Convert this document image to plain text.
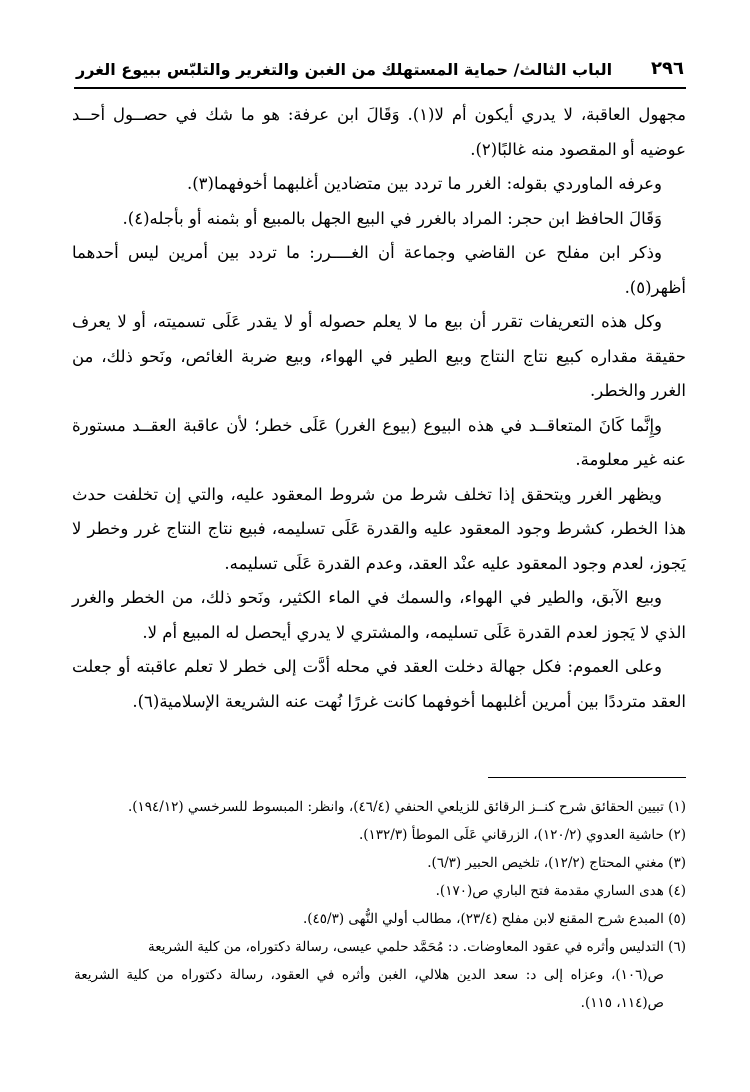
٢٩٦
الباب الثالث/ حماية المستهلك من الغبن والتغرير والتلبّس ببيوع الغرر

مجهول العاقبة، لا يدري أيكون أم لا(١). وَقَالَ ابن عرفة: هو ما شك في حصــول أحــد عوضيه أو المقصود منه غالبًا(٢).

وعرفه الماوردي بقوله: الغرر ما تردد بين متضادين أغلبهما أخوفهما(٣).

وَقَالَ الحافظ ابن حجر: المراد بالغرر في البيع الجهل بالمبيع أو بثمنه أو بأجله(٤).

وذكر ابن مفلح عن القاضي وجماعة أن الغــــرر: ما تردد بين أمرين ليس أحدهما أظهر(٥).

وكل هذه التعريفات تقرر أن بيع ما لا يعلم حصوله أو لا يقدر عَلَى تسميته، أو لا يعرف حقيقة مقداره كبيع نتاج النتاج وبيع الطير في الهواء، وبيع ضربة الغائص، ونَحو ذلك، من الغرر والخطر.

وإِنَّما كَانَ المتعاقــد في هذه البيوع (بيوع الغرر) عَلَى خطر؛ لأن عاقبة العقــد مستورة عنه غير معلومة.

ويظهر الغرر ويتحقق إذا تخلف شرط من شروط المعقود عليه، والتي إن تخلفت حدث هذا الخطر، كشرط وجود المعقود عليه والقدرة عَلَى تسليمه، فبيع نتاج النتاج غرر وخطر لا يَجوز، لعدم وجود المعقود عليه عنْد العقد، وعدم القدرة عَلَى تسليمه.

وبيع الآبق، والطير في الهواء، والسمك في الماء الكثير، ونَحو ذلك، من الخطر والغرر الذي لا يَجوز لعدم القدرة عَلَى تسليمه، والمشتري لا يدري أيحصل له المبيع أم لا.

وعلى العموم: فكل جهالة دخلت العقد في محله أدَّت إلى خطر لا تعلم عاقبته أو جعلت العقد مترددًا بين أمرين أغلبهما أخوفهما كانت غررًا نُهت عنه الشريعة الإسلامية(٦).

(١) تبيين الحقائق شرح كنــز الرقائق للزيلعي الحنفي (٤٦/٤)، وانظر: المبسوط للسرخسي (١٩٤/١٢).

(٢) حاشية العدوي (١٢٠/٢)، الزرقاني عَلَى الموطأ (١٣٢/٣).

(٣) مغني المحتاج (١٢/٢)، تلخيص الحبير (٦/٣).

(٤) هدى الساري مقدمة فتح الباري ص(١٧٠).

(٥) المبدع شرح المقنع لابن مفلح (٢٣/٤)، مطالب أولي النُّهى (٤٥/٣).

(٦) التدليس وأثره في عقود المعاوضات. د: مُحَمَّد حلمي عيسى، رسالة دكتوراه، من كلية الشريعة

ص(١٠٦)، وعزاه إلى د: سعد الدين هلالي، الغبن وأثره في العقود، رسالة دكتوراه من كلية الشريعة ص(١١٤، ١١٥).
